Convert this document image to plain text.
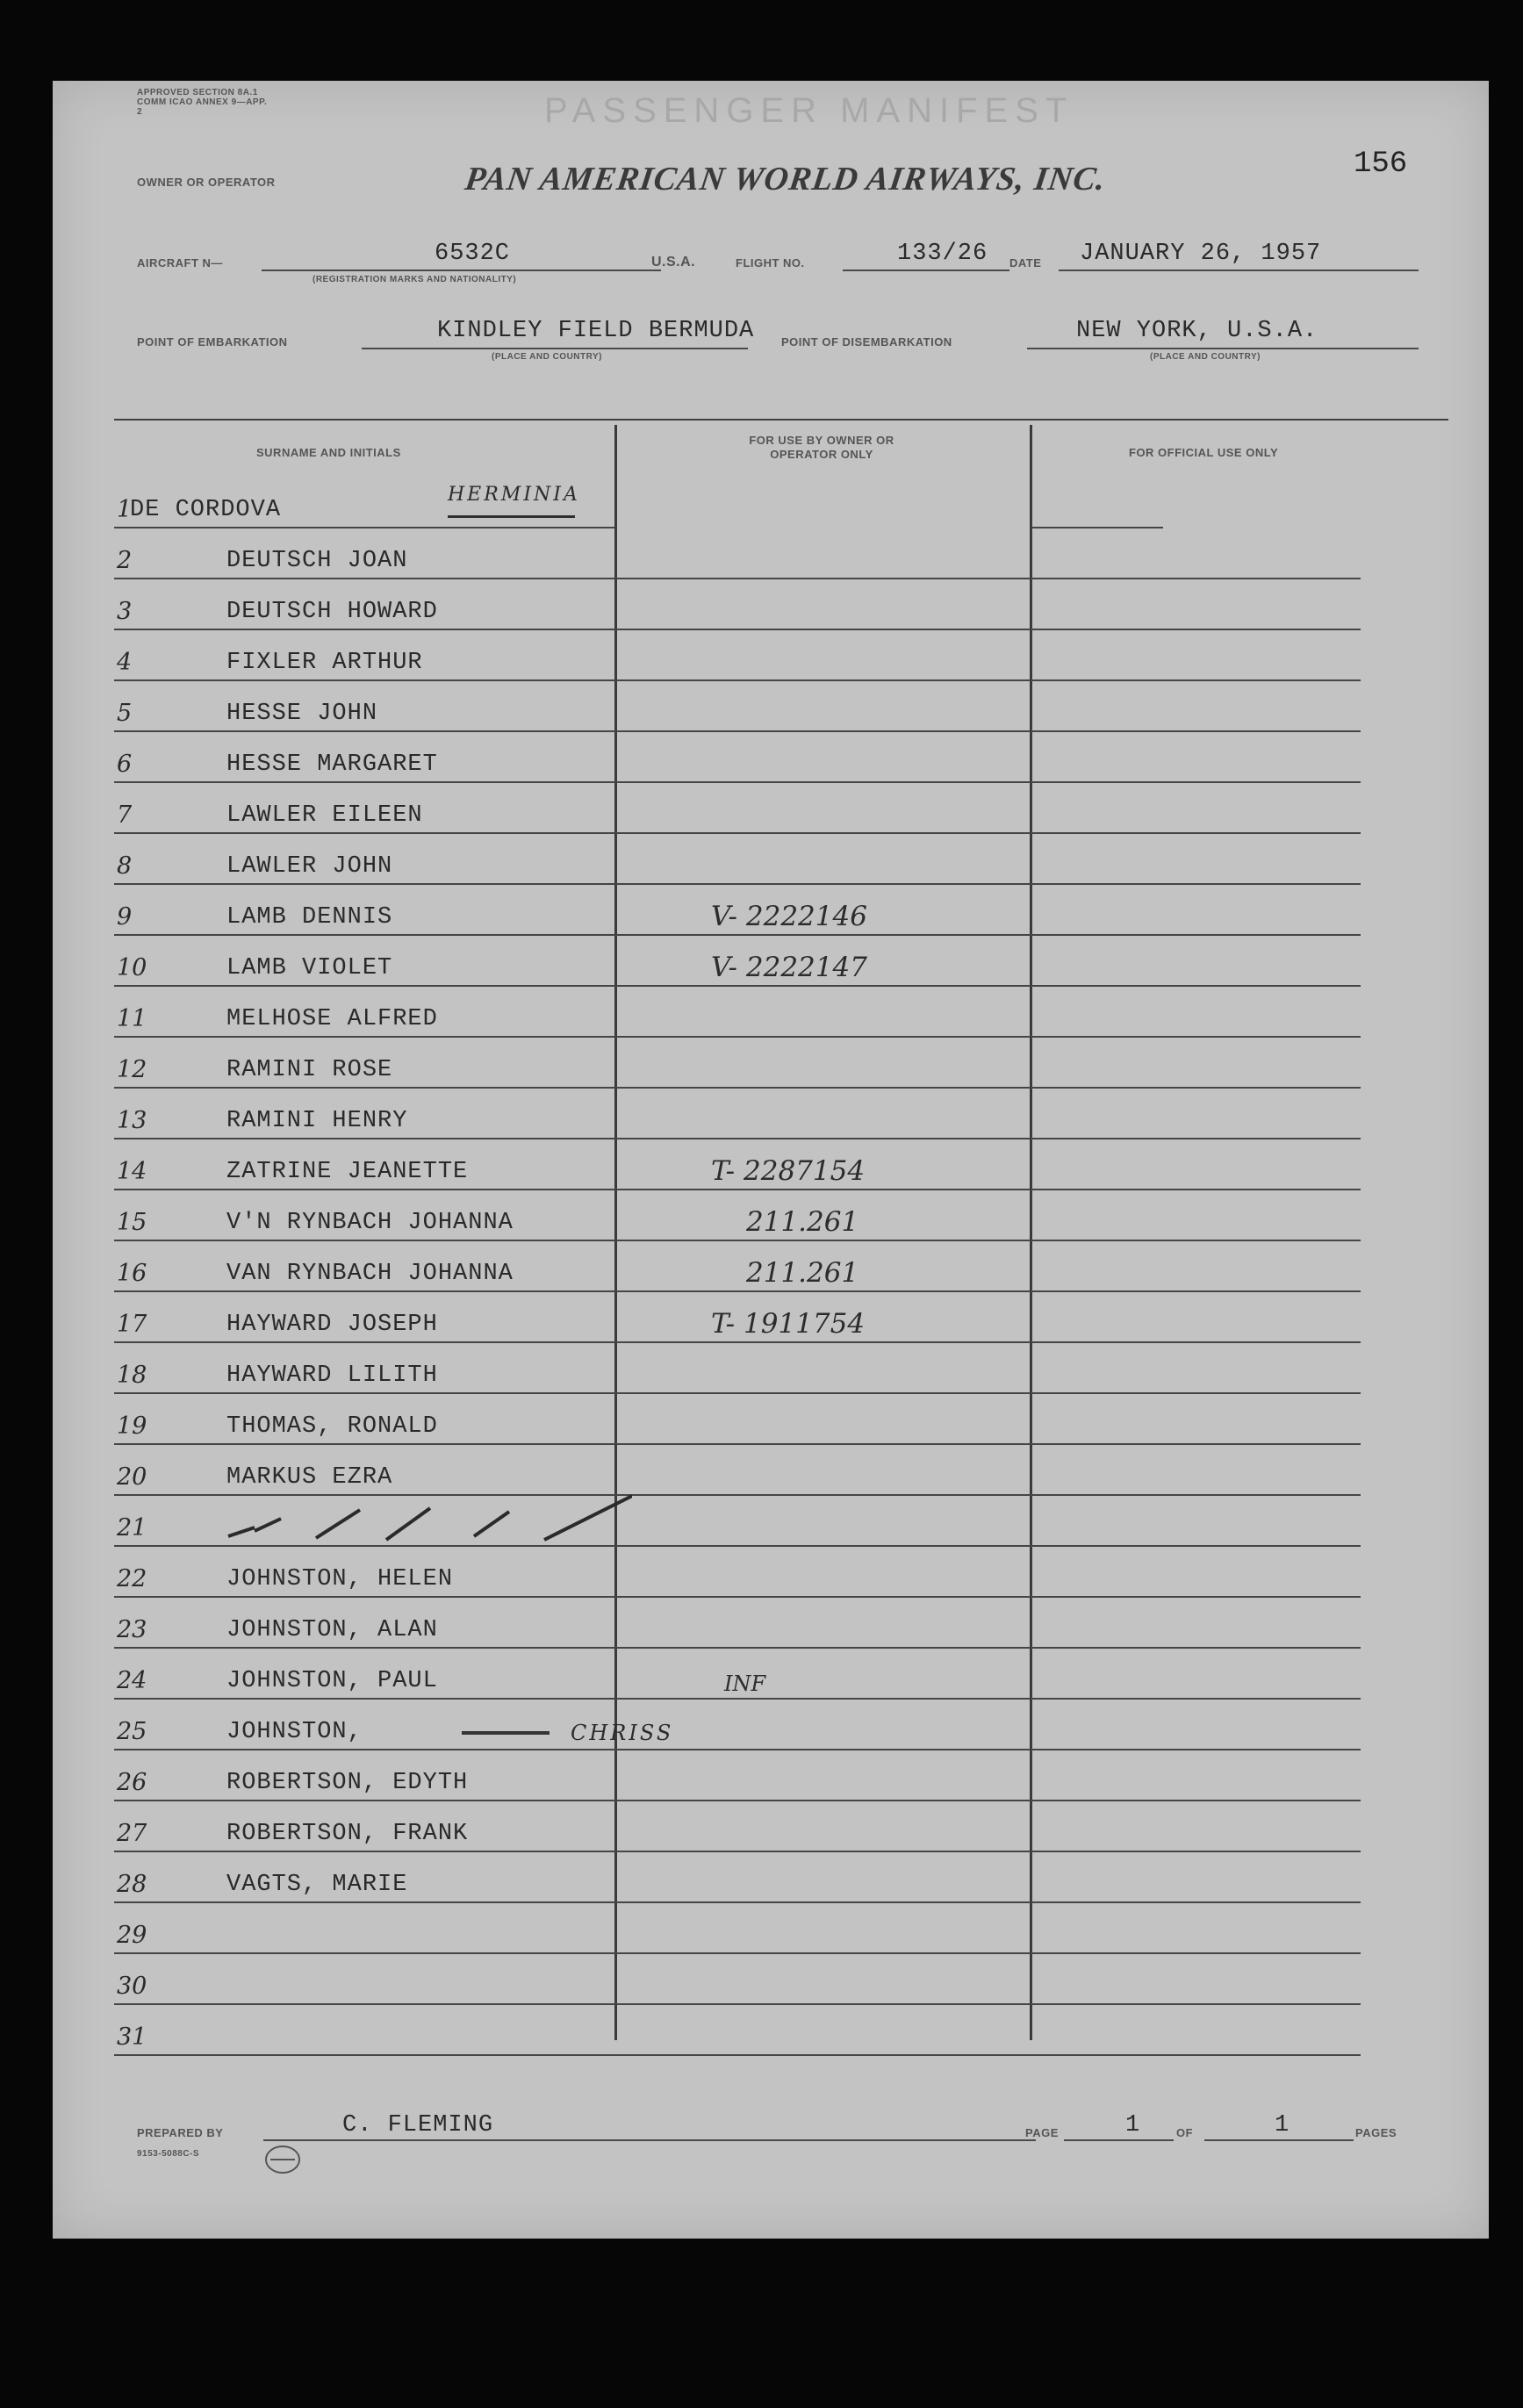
APPROVED SECTION 8A.1 COMM ICAO ANNEX 9—APP. 2	PASSENGER MANIFEST
156
OWNER OR OPERATOR	PAN AMERICAN WORLD AIRWAYS, INC.
AIRCRAFT N—	6532C
(REGISTRATION MARKS AND NATIONALITY)
U.S.A.	FLIGHT NO.	133/26 DATE JANUARY 26, 1957
POINT OF EMBARKATION	KINDLEY FIELD BERMUDA
(PLACE AND COUNTRY)
POINT OF DISEMBARKATION	NEW YORK, U.S.A.
(PLACE AND COUNTRY)
SURNAME AND INITIALS
FOR USE BY OWNER OR OPERATOR ONLY	FOR OFFICIAL USE ONLY
1
DE CORDOVA
HERMINIA
2	DEUTSCH JOAN
3	DEUTSCH HOWARD
4	FIXLER ARTHUR
5	HESSE JOHN
6	HESSE MARGARET
7	LAWLER EILEEN
8	LAWLER JOHN
9	LAMB DENNIS	V- 2222146
10	LAMB VIOLET	V- 2222147
11	MELHOSE ALFRED
12	RAMINI ROSE
13	RAMINI HENRY
14	ZATRINE JEANETTE	T- 2287154
15	V'N RYNBACH JOHANNA	211.261
16	VAN RYNBACH JOHANNA	211.261
17	HAYWARD JOSEPH	T- 1911754
18	HAYWARD LILITH
19	THOMAS, RONALD
20	MARKUS EZRA
21
22	JOHNSTON, HELEN
23	JOHNSTON, ALAN
24	JOHNSTON, PAUL	INF
25	JOHNSTON,	CHRISS
26	ROBERTSON, EDYTH
27	ROBERTSON, FRANK
28	VAGTS, MARIE
29
30
31
PREPARED BY	C. FLEMING
9153-5088C-S
PAGE	1	OF	1	PAGES
